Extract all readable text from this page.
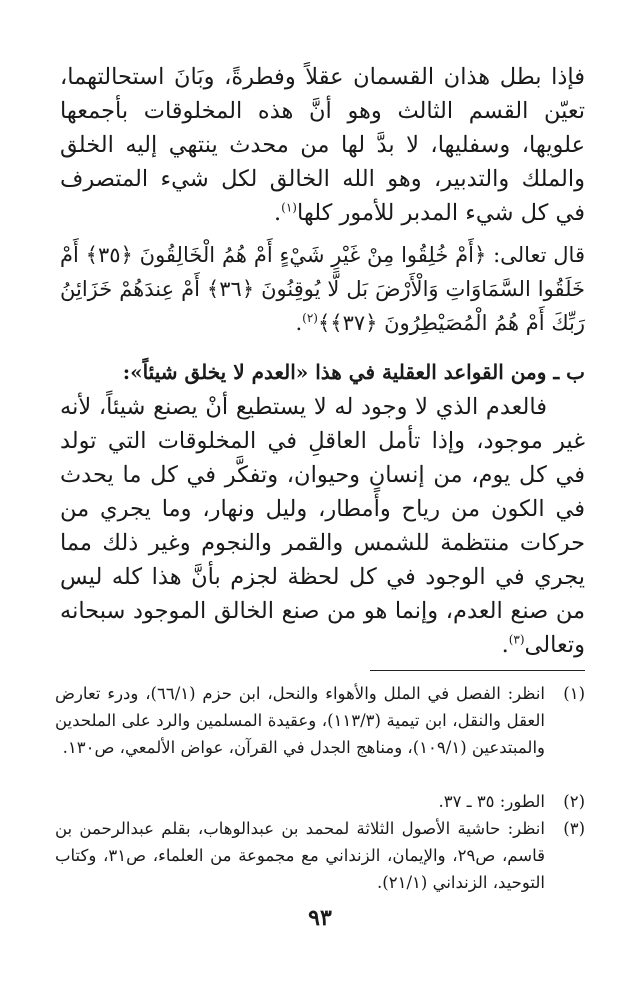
فإذا بطل هذان القسمان عقلاً وفطرةً، وبَانَ استحالتهما، تعيّن القسم الثالث وهو أنَّ هذه المخلوقات بأجمعها علويها، وسفليها، لا بدَّ لها من محدث ينتهي إليه الخلق والملك والتدبير، وهو الله الخالق لكل شيء المتصرف في كل شيء المدبر للأمور كلها$^{(١)}$.

قال تعالى: ﴿أَمْ خُلِقُوا مِنْ غَيْرِ شَيْءٍ أَمْ هُمُ الْخَالِقُونَ ﴿٣٥﴾ أَمْ خَلَقُوا السَّمَاوَاتِ وَالْأَرْضَ بَل لَّا يُوقِنُونَ ﴿٣٦﴾ أَمْ عِندَهُمْ خَزَائِنُ رَبِّكَ أَمْ هُمُ الْمُصَيْطِرُونَ ﴿٣٧﴾﴾$^{(٢)}$.

ب ـ ومن القواعد العقلية في هذا «العدم لا يخلق شيئاً»:

فالعدم الذي لا وجود له لا يستطيع أنْ يصنع شيئاً، لأنه غير موجود، وإذا تأمل العاقلِ في المخلوقات التي تولد في كل يوم، من إنسانٍ وحيوان، وتفكَّر في كل ما يحدث في الكون من رياح وأمطار، وليل ونهار، وما يجري من حركات منتظمة للشمس والقمر والنجوم وغير ذلك مما يجري في الوجود في كل لحظة لجزم بأنَّ هذا كله ليس من صنع العدم، وإنما هو من صنع الخالق الموجود سبحانه وتعالى$^{(٣)}$.

(١)
انظر: الفصل في الملل والأهواء والنحل، ابن حزم (٦٦/١)، ودرء تعارض العقل والنقل، ابن تيمية (١١٣/٣)، وعقيدة المسلمين والرد على الملحدين والمبتدعين (١٠٩/١)، ومناهج الجدل في القرآن، عواض الألمعي، ص١٣٠.
(٢)
الطور: ٣٥ ـ ٣٧.
(٣)
انظر: حاشية الأصول الثلاثة لمحمد بن عبدالوهاب، بقلم عبدالرحمن بن قاسم، ص٢٩، والإيمان، الزنداني مع مجموعة من العلماء، ص٣١، وكتاب التوحيد، الزنداني (٢١/١).
٩٣
